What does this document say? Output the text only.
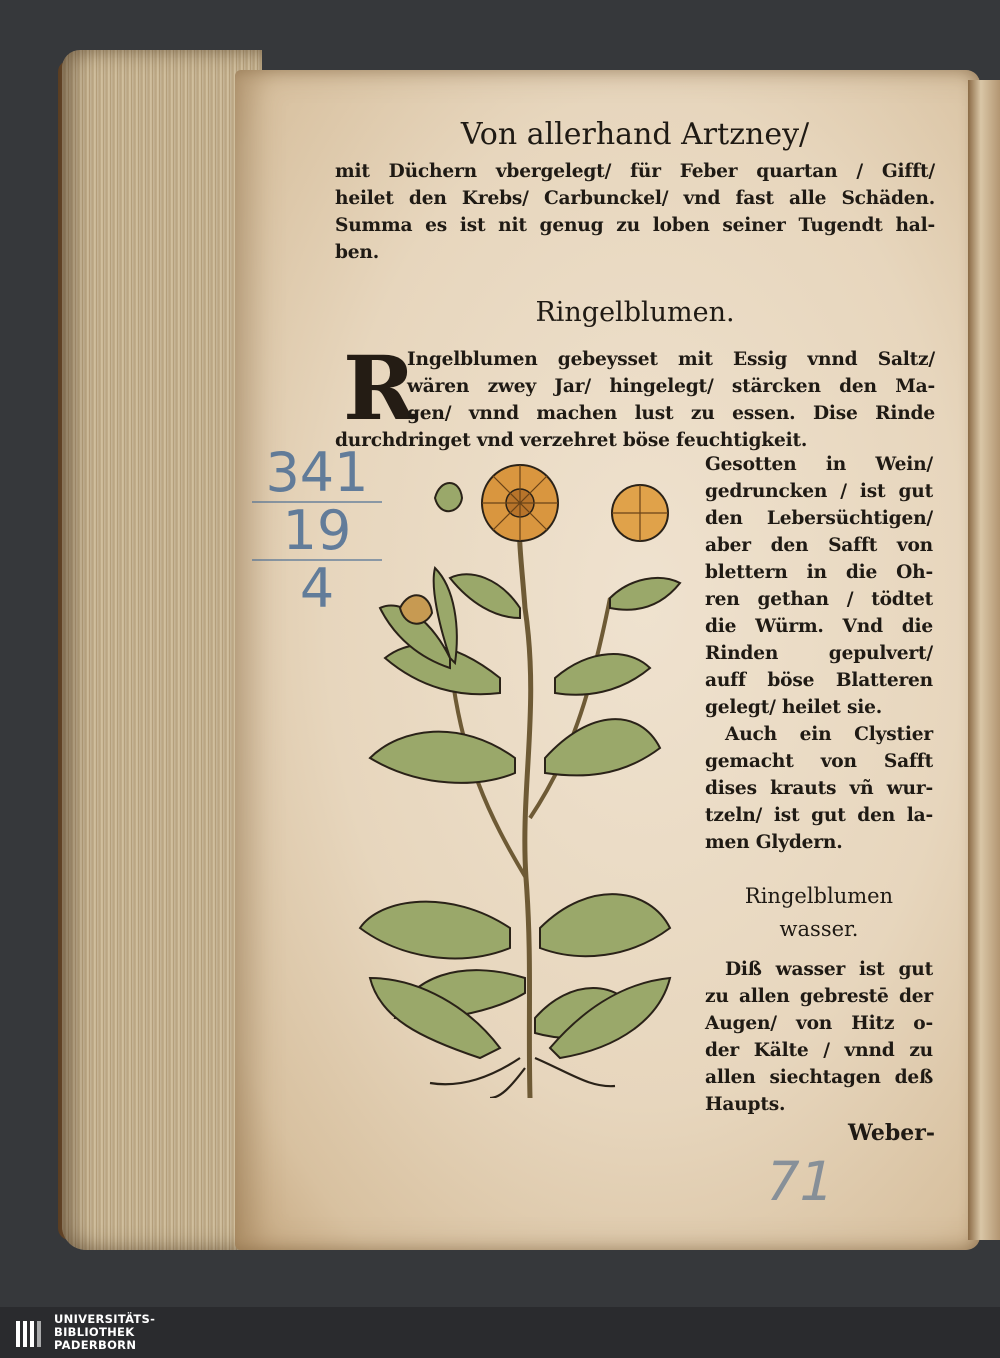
341
19
4

Von allerhand Artzney/

mit Düchern vbergelegt/ für Feber quartan / Gifft/

heilet den Krebs/ Carbunckel/ vnd fast alle Schäden.

Summa es ist nit genug zu loben seiner Tugendt hal-

ben.

Ringelblumen.

R

Ingelblumen gebeysset mit Essig vnnd Saltz/

wären zwey Jar/ hingelegt/ stärcken den Ma-

gen/ vnnd machen lust zu essen. Dise Rinde

durchdringet vnd verzehret böse feuchtigkeit.

Gesotten in Wein/

gedruncken / ist gut

den Lebersüchtigen/

aber den Safft von

blettern in die Oh-

ren gethan / tödtet

die Würm. Vnd die

Rinden gepulvert/

auff böse Blatteren

gelegt/ heilet sie.

Auch ein Clystier

gemacht von Safft

dises krauts vñ wur-

tzeln/ ist gut den la-

men Glydern.

Ringelblumen
wasser.

Diß wasser ist gut

zu allen gebrestē der

Augen/ von Hitz o-

der Kälte / vnnd zu

allen siechtagen deß

Haupts.

Weber-
71
UNIVERSITÄTS-
BIBLIOTHEK
PADERBORN
